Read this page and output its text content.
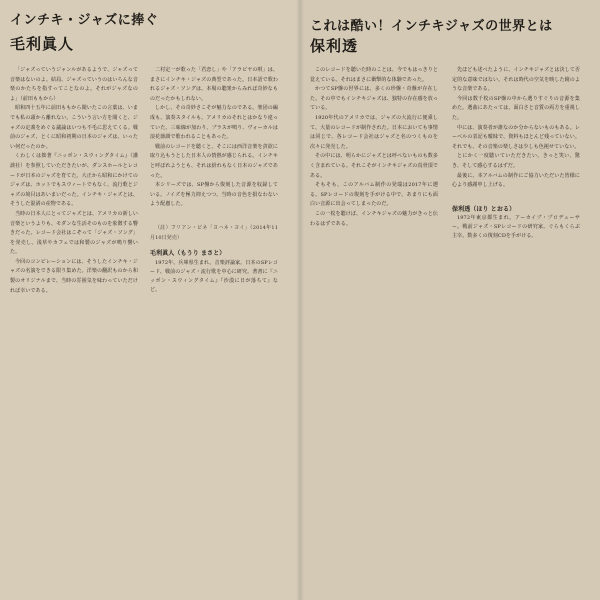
インチキ・ジャズに捧ぐ
毛利眞人

「ジャズっていうジャンルがあるようで、ジャズって音楽はないのよ。結局、ジャズっていうのはいろんな音楽のかたちを指すってことなのよ。それがジャズなのよ」（前田ももから）

昭和四十五年に前田ももから聞いたこの言葉は、いまでも私の頭から離れない。こういう言い方を聞くと、ジャズの定義をめぐる議論はいつも不毛に思えてくる。戦前のジャズ、とくに昭和初期の日本のジャズは、いったい何だったのか。

くわしくは拙著『ニッポン・スウィングタイム』（講談社）を参照していただきたいが、ダンスホールとレコードが日本のジャズを育てた。大正から昭和にかけてのジャズは、ホットでもスウィートでもなく、流行歌とジャズの境目はあいまいだった。インチキ・ジャズとは、そうした混淆の産物である。

当時の日本人にとってジャズとは、アメリカの新しい音楽というよりも、モダンな生活そのものを象徴する響きだった。レコード会社はこぞって「ジャズ・ソング」を発売し、浅草やカフェでは和製のジャズが鳴り響いた。

今回のコンピレーションには、そうしたインチキ・ジャズの名演をできる限り集めた。洋楽の翻訳ものから和製のオリジナルまで、当時の雰囲気を味わっていただければ幸いである。

二村定一が歌った「君恋し」や「アラビヤの唄」は、まさにインチキ・ジャズの典型であった。日本語で歌われるジャズ・ソングは、本場の聴衆からみれば奇妙なものだったかもしれない。

しかし、その奇妙さこそが魅力なのである。楽団の編成も、演奏スタイルも、アメリカのそれとはかなり違っていた。三味線が加わり、ブラスが鳴り、ヴォーカルは浪花節調で歌われることもあった。

戦前のレコードを聴くと、そこには西洋音楽を貪欲に取り込もうとした日本人の情熱が感じられる。インチキと呼ばれようとも、それは紛れもなく日本のジャズであった。

本シリーズでは、SP盤から復刻した音源を収録している。ノイズを極力抑えつつ、当時の音色を損なわないよう配慮した。

（註）フリアン・ビネ「ヨハネ・ヨイ」（2014年11月10日発売）

毛利眞人（もうり まさと）

1972年、兵庫県生まれ。音楽評論家。日本のSPレコード、戦前のジャズ・流行歌を中心に研究。著書に『ニッポン・スウィングタイム』『沙漠に日が落ちて』など。

これは酷い！インチキジャズの世界とは
保利透

このレコードを聴いた時のことは、今でもはっきりと覚えている。それはまさに衝撃的な体験であった。

かつてSP盤の世界には、多くの珍盤・奇盤が存在した。その中でもインチキジャズは、独特の存在感を放っている。

1920年代のアメリカでは、ジャズの大流行に便乗して、大量のレコードが制作された。日本においても事情は同じで、各レコード会社はジャズと名のつくものを次々に発売した。

その中には、明らかにジャズとは呼べないものも数多く含まれている。それこそがインチキジャズの真骨頂である。

そもそも、このアルバム制作の発端は2017年に遡る。SPレコードの復刻を手がける中で、あまりにも面白い音源に出会ってしまったのだ。

この一枚を聴けば、インチキジャズの魅力がきっと伝わるはずである。

先ほども述べたように、インチキジャズとは決して否定的な意味ではない。それは時代の空気を映した鏡のような音楽である。

今回は数千枚のSP盤の中から選りすぐりの音源を集めた。選曲にあたっては、面白さと音質の両方を重視した。

中には、演奏者が誰なのか分からないものもある。レーベルの表記も曖昧で、資料もほとんど残っていない。それでも、その音楽の楽しさは少しも色褪せていない。

とにかく一度聴いていただきたい。きっと笑い、驚き、そして感心するはずだ。

最後に、本アルバムの制作にご協力いただいた皆様に心より感謝申し上げる。

保利透（ほり とおる）

1972年東京都生まれ。アーカイブ・プロデューサー。戦前ジャズ・SPレコードの研究家。ぐらもくらぶ主宰。数多くの復刻CDを手がける。
